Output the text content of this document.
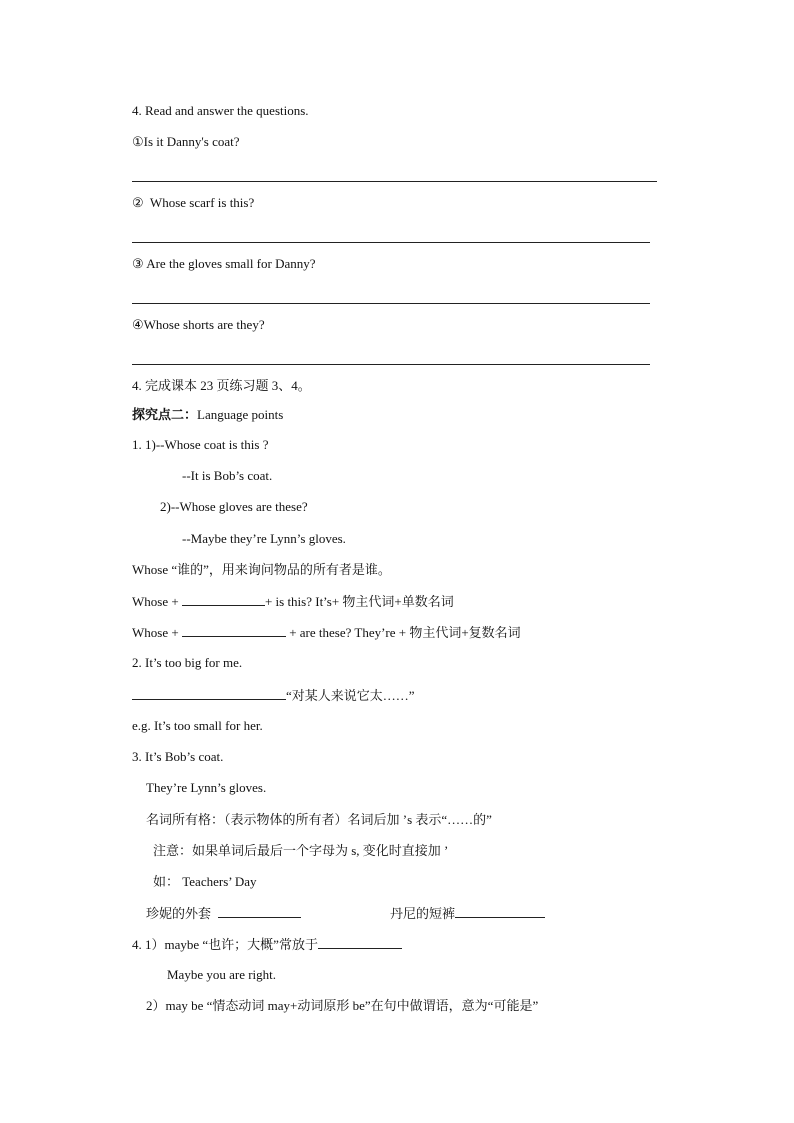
4. Read and answer the questions.
①Is it Danny's coat?
② Whose scarf is this?
③ Are the gloves small for Danny?
④Whose shorts are they?
4. 完成课本 23 页练习题 3、4。
探究点二：Language points
1. 1)--Whose coat is this ?
--It is Bob’s coat.
2)--Whose gloves are these?
--Maybe they’re Lynn’s gloves.
Whose “谁的”，用来询问物品的所有者是谁。
Whose +	+ is this? It’s+ 物主代词+单数名词
Whose +	+ are these? They’re + 物主代词+复数名词
2. It’s too big for me.
“对某人来说它太……”
e.g. It’s too small for her.
3. It’s Bob’s coat.
They’re Lynn’s gloves.
名词所有格：（表示物体的所有者）名词后加 ’s 表示“……的”
注意：如果单词后最后一个字母为 s, 变化时直接加 ’
如： Teachers’ Day
珍妮的外套	丹尼的短裤
4. 1）maybe “也许；大概”常放于
Maybe you are right.
2）may be “情态动词 may+动词原形 be”在句中做谓语，意为“可能是”
